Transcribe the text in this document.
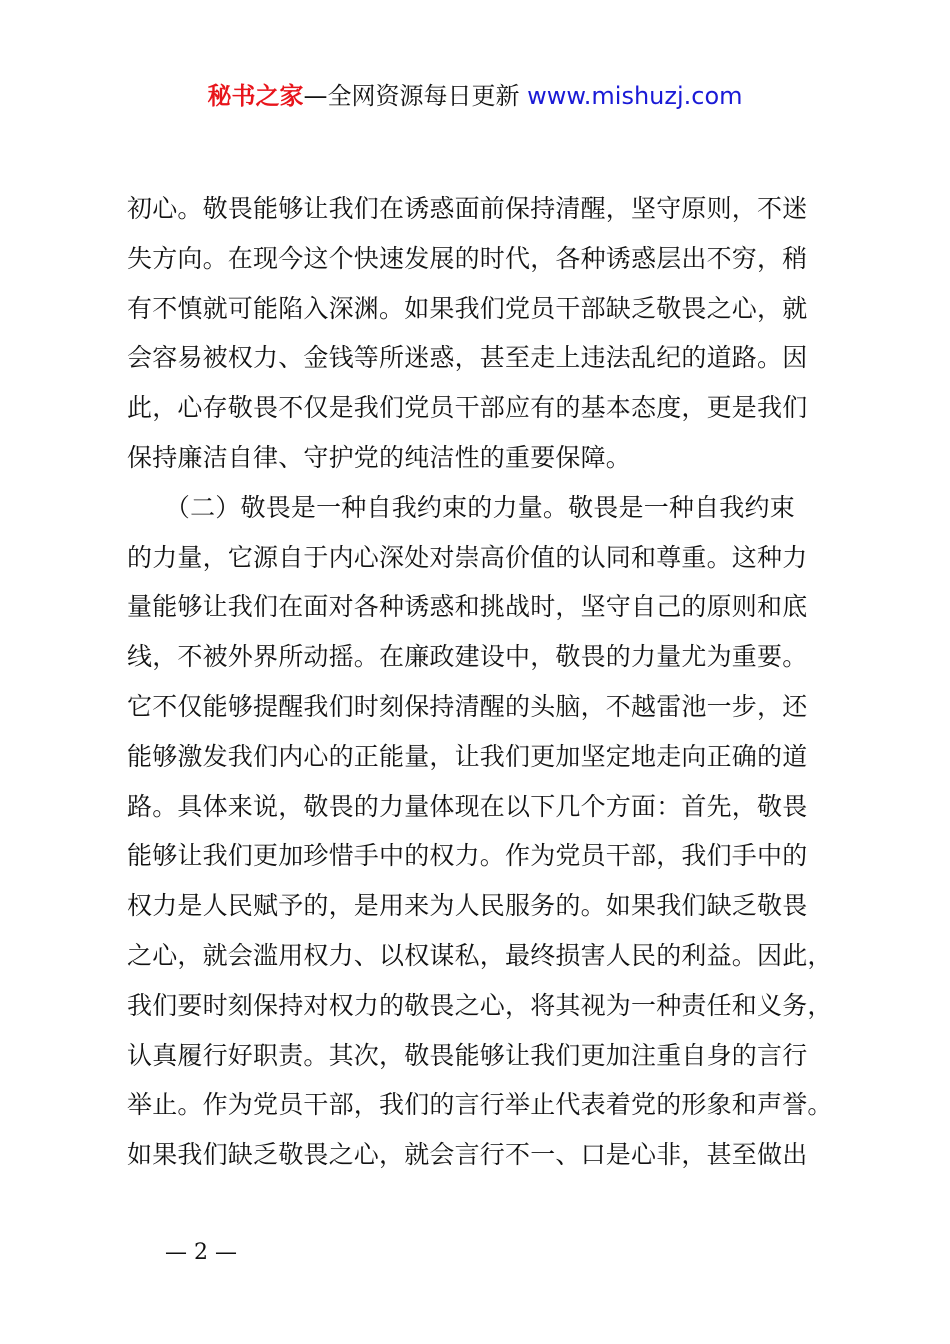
秘书之家—全网资源每日更新 www.mishuzj.com
初心。敬畏能够让我们在诱惑面前保持清醒，坚守原则，不迷
失方向。在现今这个快速发展的时代，各种诱惑层出不穷，稍
有不慎就可能陷入深渊。如果我们党员干部缺乏敬畏之心，就
会容易被权力、金钱等所迷惑，甚至走上违法乱纪的道路。因
此，心存敬畏不仅是我们党员干部应有的基本态度，更是我们
保持廉洁自律、守护党的纯洁性的重要保障。
　　（二）敬畏是一种自我约束的力量。敬畏是一种自我约束
的力量，它源自于内心深处对崇高价值的认同和尊重。这种力
量能够让我们在面对各种诱惑和挑战时，坚守自己的原则和底
线，不被外界所动摇。在廉政建设中，敬畏的力量尤为重要。
它不仅能够提醒我们时刻保持清醒的头脑，不越雷池一步，还
能够激发我们内心的正能量，让我们更加坚定地走向正确的道
路。具体来说，敬畏的力量体现在以下几个方面：首先，敬畏
能够让我们更加珍惜手中的权力。作为党员干部，我们手中的
权力是人民赋予的，是用来为人民服务的。如果我们缺乏敬畏
之心，就会滥用权力、以权谋私，最终损害人民的利益。因此，
我们要时刻保持对权力的敬畏之心，将其视为一种责任和义务，
认真履行好职责。其次，敬畏能够让我们更加注重自身的言行
举止。作为党员干部，我们的言行举止代表着党的形象和声誉。
如果我们缺乏敬畏之心，就会言行不一、口是心非，甚至做出
— 2 —
